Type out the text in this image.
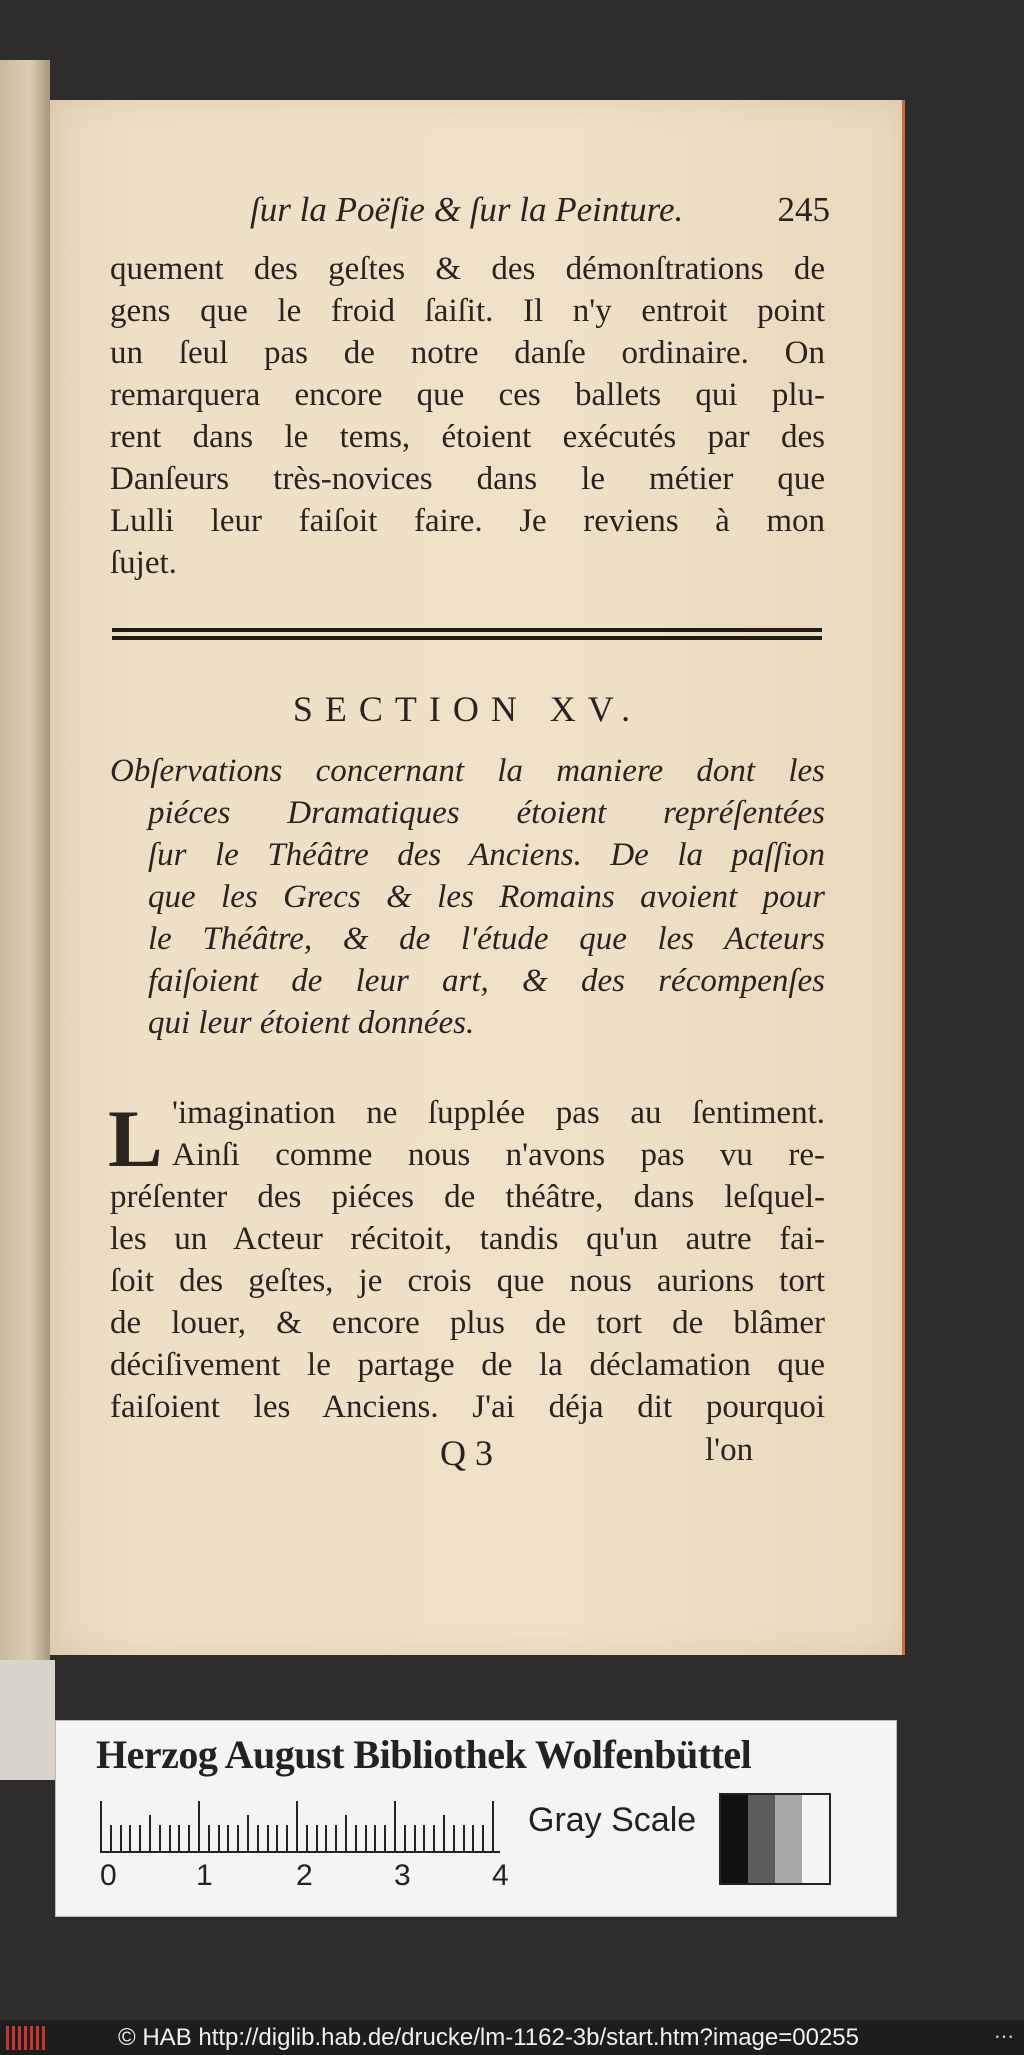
ſur la Poëſie & ſur la Peinture.	245
quement des geſtes & des démonſtrations de
gens que le froid ſaiſit. Il n'y entroit point
un ſeul pas de notre danſe ordinaire. On
remarquera encore que ces ballets qui plu-
rent dans le tems, étoient exécutés par des
Danſeurs très-novices dans le métier que
Lulli leur faiſoit faire. Je reviens à mon
ſujet.
SECTION XV.
Obſervations concernant la maniere dont les
piéces Dramatiques étoient repréſentées
ſur le Théâtre des Anciens. De la paſſion
que les Grecs & les Romains avoient pour
le Théâtre, & de l'étude que les Acteurs
faiſoient de leur art, & des récompenſes
qui leur étoient données.
L 'imagination ne ſupplée pas au ſentiment.
Ainſi comme nous n'avons pas vu re-
préſenter des piéces de théâtre, dans leſquel-
les un Acteur récitoit, tandis qu'un autre fai-
ſoit des geſtes, je crois que nous aurions tort
de louer, & encore plus de tort de blâmer
déciſivement le partage de la déclamation que
faiſoient les Anciens. J'ai déja dit pourquoi
Q 3	l'on
Herzog August Bibliothek Wolfenbüttel
0	1	2	3	4
Gray Scale
© HAB http://diglib.hab.de/drucke/lm-1162-3b/start.htm?image=00255	⋯
